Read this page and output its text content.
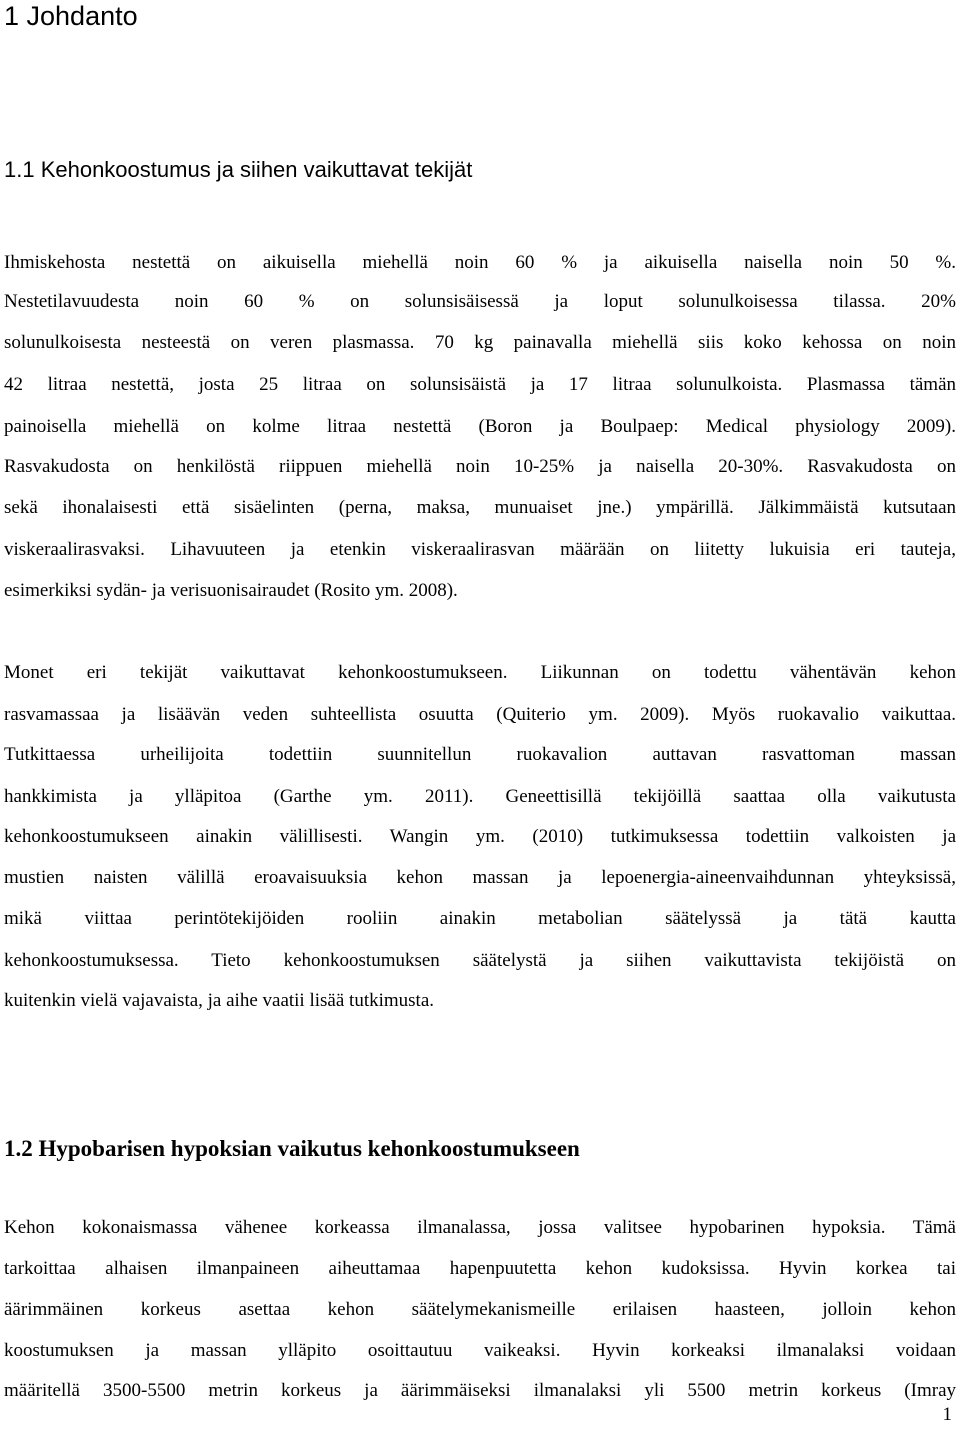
1 Johdanto
1.1 Kehonkoostumus ja siihen vaikuttavat tekijät
Ihmiskehosta nestettä on aikuisella miehellä noin 60 % ja aikuisella naisella noin 50 %.
Nestetilavuudesta noin 60 % on solunsisäisessä ja loput solunulkoisessa tilassa. 20%
solunulkoisesta nesteestä on veren plasmassa. 70 kg painavalla miehellä siis koko kehossa on noin
42 litraa nestettä, josta 25 litraa on solunsisäistä ja 17 litraa solunulkoista. Plasmassa tämän
painoisella miehellä on kolme litraa nestettä (Boron ja Boulpaep: Medical physiology 2009).
Rasvakudosta on henkilöstä riippuen miehellä noin 10-25% ja naisella 20-30%. Rasvakudosta on
sekä ihonalaisesti että sisäelinten (perna, maksa, munuaiset jne.) ympärillä. Jälkimmäistä kutsutaan
viskeraalirasvaksi. Lihavuuteen ja etenkin viskeraalirasvan määrään on liitetty lukuisia eri tauteja,
esimerkiksi sydän- ja verisuonisairaudet (Rosito ym. 2008).
Monet eri tekijät vaikuttavat kehonkoostumukseen. Liikunnan on todettu vähentävän kehon
rasvamassaa ja lisäävän veden suhteellista osuutta (Quiterio ym. 2009). Myös ruokavalio vaikuttaa.
Tutkittaessa urheilijoita todettiin suunnitellun ruokavalion auttavan rasvattoman massan
hankkimista ja ylläpitoa (Garthe ym. 2011). Geneettisillä tekijöillä saattaa olla vaikutusta
kehonkoostumukseen ainakin välillisesti. Wangin ym. (2010) tutkimuksessa todettiin valkoisten ja
mustien naisten välillä eroavaisuuksia kehon massan ja lepoenergia-aineenvaihdunnan yhteyksissä,
mikä viittaa perintötekijöiden rooliin ainakin metabolian säätelyssä ja tätä kautta
kehonkoostumuksessa. Tieto kehonkoostumuksen säätelystä ja siihen vaikuttavista tekijöistä on
kuitenkin vielä vajavaista, ja aihe vaatii lisää tutkimusta.
1.2 Hypobarisen hypoksian vaikutus kehonkoostumukseen
Kehon kokonaismassa vähenee korkeassa ilmanalassa, jossa valitsee hypobarinen hypoksia. Tämä
tarkoittaa alhaisen ilmanpaineen aiheuttamaa hapenpuutetta kehon kudoksissa. Hyvin korkea tai
äärimmäinen korkeus asettaa kehon säätelymekanismeille erilaisen haasteen, jolloin kehon
koostumuksen ja massan ylläpito osoittautuu vaikeaksi. Hyvin korkeaksi ilmanalaksi voidaan
määritellä 3500-5500 metrin korkeus ja äärimmäiseksi ilmanalaksi yli 5500 metrin korkeus (Imray
1
